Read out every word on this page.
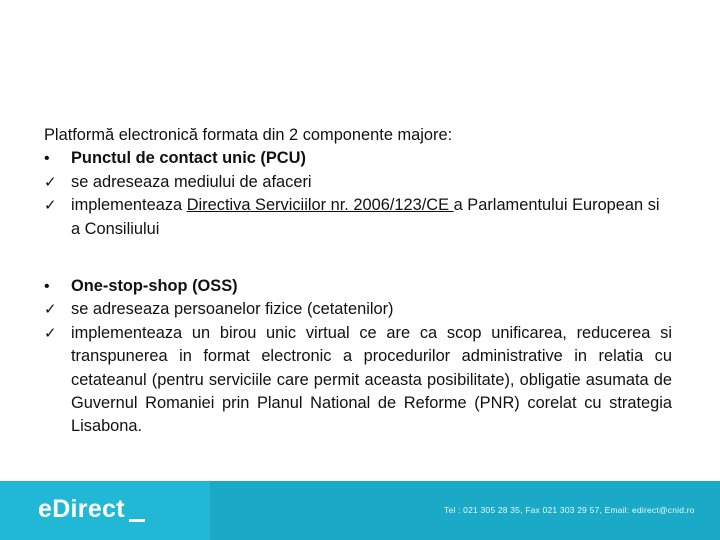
Platformă electronică formata din 2 componente majore:
•	Punctul de contact unic (PCU)
✓ se adreseaza mediului de afaceri
✓ implementeaza Directiva Serviciilor nr. 2006/123/CE a Parlamentului European si a Consiliului
•	One-stop-shop (OSS)
✓ se adreseaza persoanelor fizice (cetatenilor)
✓ implementeaza un birou unic virtual ce are ca scop unificarea, reducerea si transpunerea in format electronic a procedurilor administrative in relatia cu cetateanul (pentru serviciile care permit aceasta posibilitate), obligatie asumata de Guvernul Romaniei prin Planul National de Reforme (PNR) corelat cu strategia Lisabona.
eDirect	Tel : 021 305 28 35, Fax 021 303 29 57, Email: edirect@cnid.ro
